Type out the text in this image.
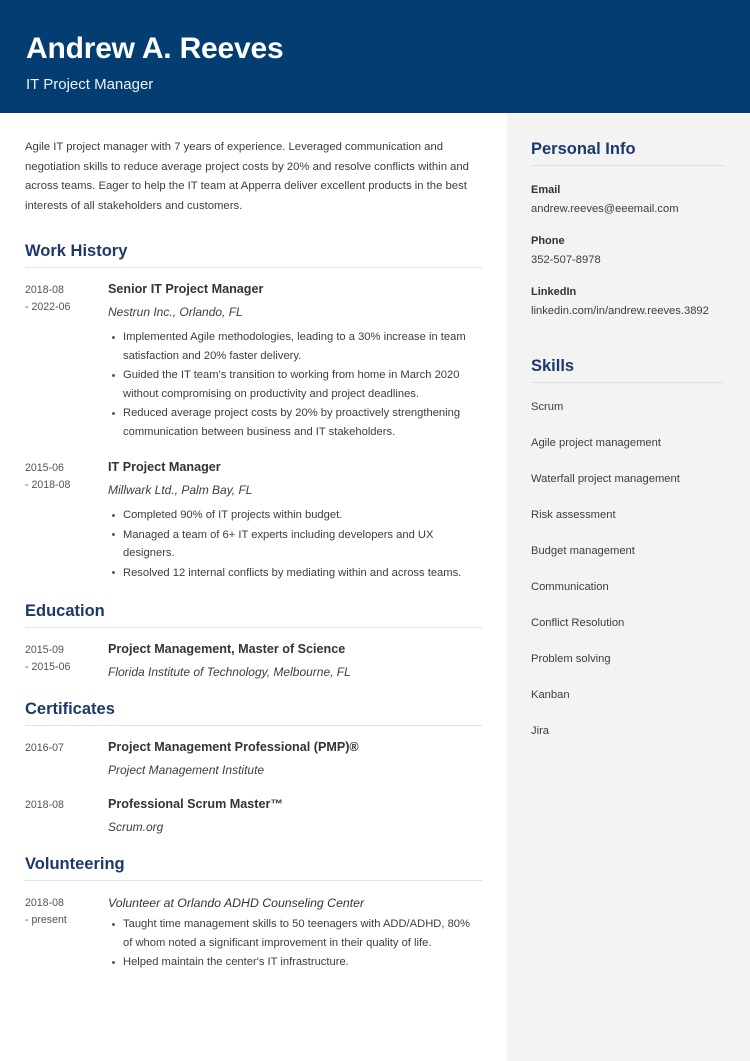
Andrew A. Reeves
IT Project Manager
Agile IT project manager with 7 years of experience. Leveraged communication and negotiation skills to reduce average project costs by 20% and resolve conflicts within and across teams. Eager to help the IT team at Apperra deliver excellent products in the best interests of all stakeholders and customers.
Work History
2018-08
- 2022-06
Senior IT Project Manager
Nestrun Inc., Orlando, FL
Implemented Agile methodologies, leading to a 30% increase in team satisfaction and 20% faster delivery.
Guided the IT team's transition to working from home in March 2020 without compromising on productivity and project deadlines.
Reduced average project costs by 20% by proactively strengthening communication between business and IT stakeholders.
2015-06
- 2018-08
IT Project Manager
Millwark Ltd., Palm Bay, FL
Completed 90% of IT projects within budget.
Managed a team of 6+ IT experts including developers and UX designers.
Resolved 12 internal conflicts by mediating within and across teams.
Education
2015-09
- 2015-06
Project Management, Master of Science
Florida Institute of Technology, Melbourne, FL
Certificates
2016-07	Project Management Professional (PMP)®
Project Management Institute
2018-08	Professional Scrum Master™
Scrum.org
Volunteering
2018-08
- present
Volunteer at Orlando ADHD Counseling Center
Taught time management skills to 50 teenagers with ADD/ADHD, 80% of whom noted a significant improvement in their quality of life.
Helped maintain the center's IT infrastructure.
Personal Info
Email
andrew.reeves@eeemail.com
Phone
352-507-8978
LinkedIn
linkedin.com/in/andrew.reeves.3892
Skills
Scrum
Agile project management
Waterfall project management
Risk assessment
Budget management
Communication
Conflict Resolution
Problem solving
Kanban
Jira
